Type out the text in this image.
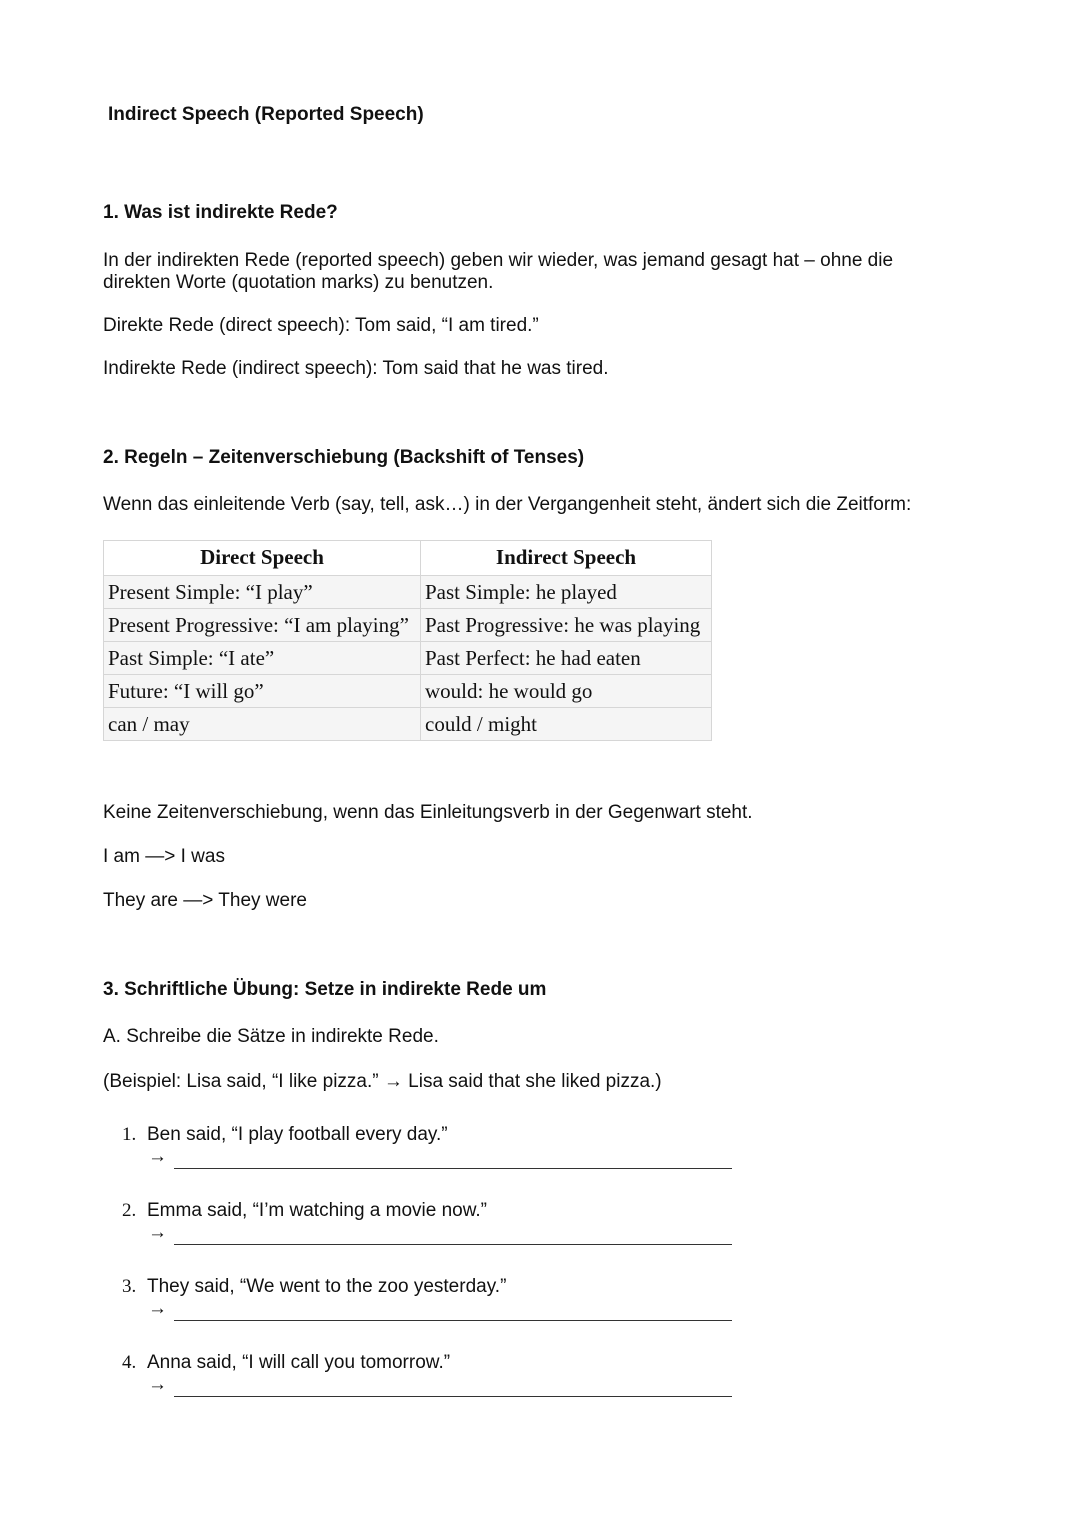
Indirect Speech (Reported Speech)
1. Was ist indirekte Rede?
In der indirekten Rede (reported speech) geben wir wieder, was jemand gesagt hat – ohne die direkten Worte (quotation marks) zu benutzen.
Direkte Rede (direct speech): Tom said, “I am tired.”
Indirekte Rede (indirect speech): Tom said that he was tired.
2. Regeln – Zeitenverschiebung (Backshift of Tenses)
Wenn das einleitende Verb (say, tell, ask…) in der Vergangenheit steht, ändert sich die Zeitform:
Direct Speech	Indirect Speech
Present Simple: “I play”	Past Simple: he played
Present Progressive: “I am playing”	Past Progressive: he was playing
Past Simple: “I ate”	Past Perfect: he had eaten
Future: “I will go”	would: he would go
can / may	could / might
Keine Zeitenverschiebung, wenn das Einleitungsverb in der Gegenwart steht.
I am —> I was
They are —> They were
3. Schriftliche Übung: Setze in indirekte Rede um
A. Schreibe die Sätze in indirekte Rede.
(Beispiel: Lisa said, “I like pizza.” → Lisa said that she liked pizza.)
1. Ben said, “I play football every day.”
→
2. Emma said, “I’m watching a movie now.”
→
3. They said, “We went to the zoo yesterday.”
→
4. Anna said, “I will call you tomorrow.”
→
